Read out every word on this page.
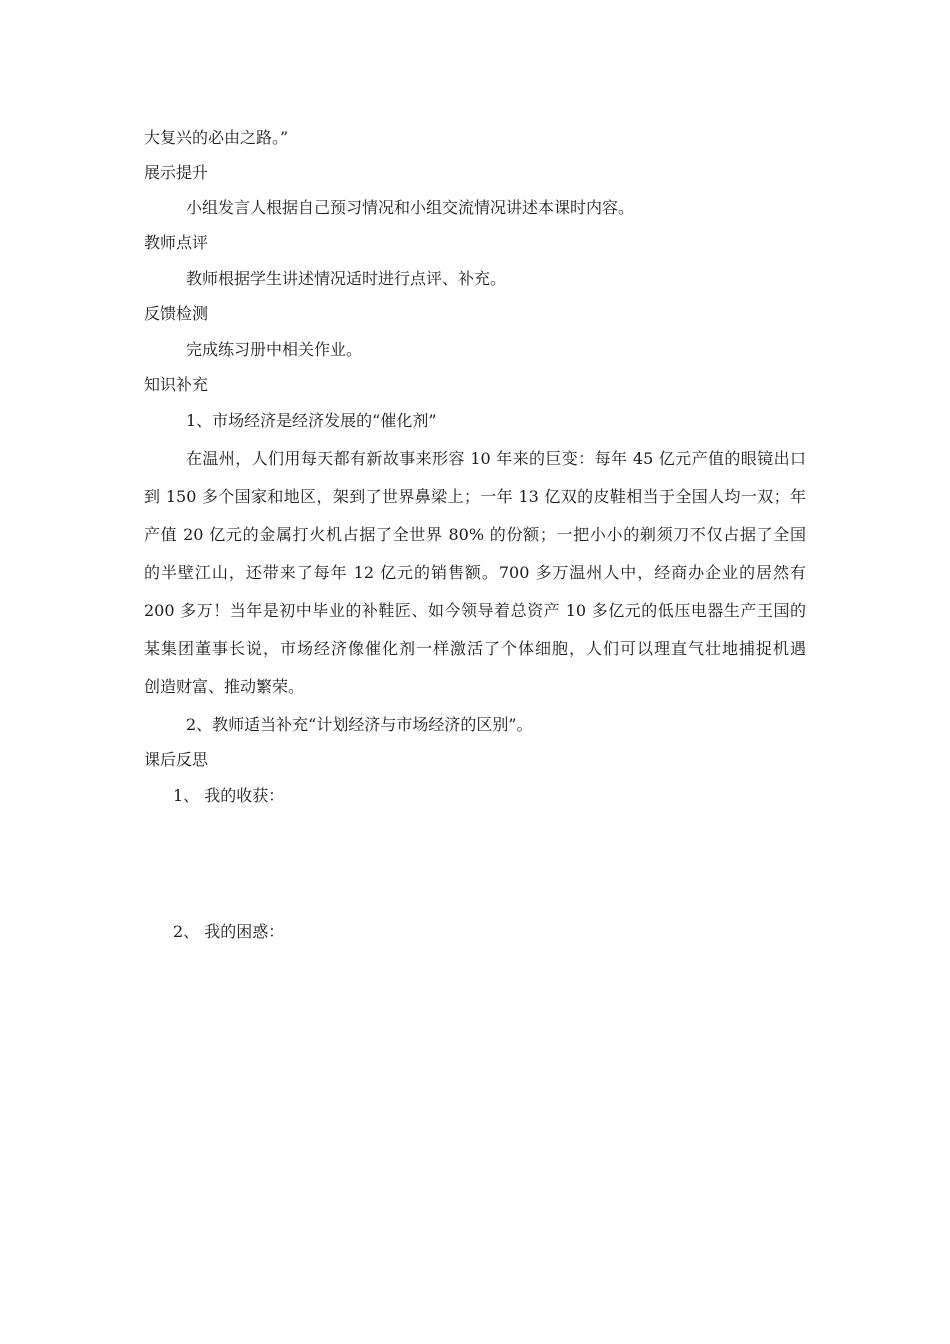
大复兴的必由之路。”
展示提升
小组发言人根据自己预习情况和小组交流情况讲述本课时内容。
教师点评
教师根据学生讲述情况适时进行点评、补充。
反馈检测
完成练习册中相关作业。
知识补充
1、市场经济是经济发展的“催化剂”
在温州，人们用每天都有新故事来形容 10 年来的巨变：每年 45 亿元产值的眼镜出口
到 150 多个国家和地区，架到了世界鼻梁上；一年 13 亿双的皮鞋相当于全国人均一双；年
产值 20 亿元的金属打火机占据了全世界 80% 的份额；一把小小的剃须刀不仅占据了全国
的半壁江山，还带来了每年 12 亿元的销售额。700 多万温州人中，经商办企业的居然有
200 多万！当年是初中毕业的补鞋匠、如今领导着总资产 10 多亿元的低压电器生产王国的
某集团董事长说，市场经济像催化剂一样激活了个体细胞，人们可以理直气壮地捕捉机遇
创造财富、推动繁荣。
2、教师适当补充“计划经济与市场经济的区别”。
课后反思
1、 我的收获：
2、 我的困惑：
